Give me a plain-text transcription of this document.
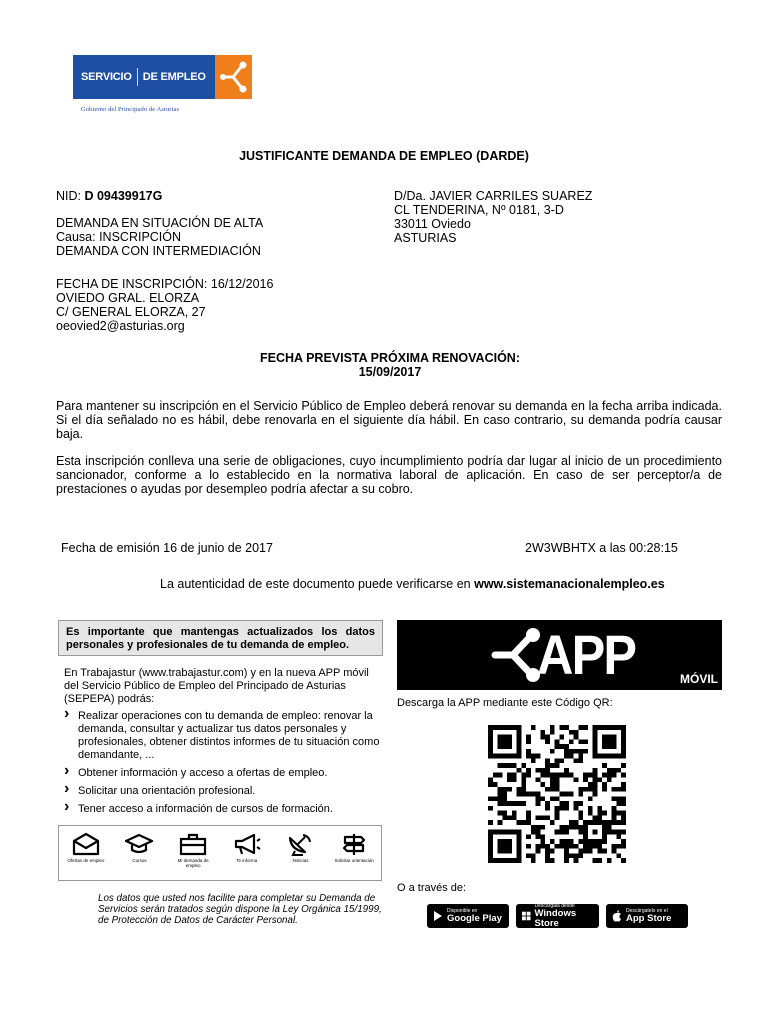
SERVICIO DE EMPLEO
Gobierno del Principado de Asturias
JUSTIFICANTE DEMANDA DE EMPLEO (DARDE)
NID: D 09439917G
DEMANDA EN SITUACIÓN DE ALTA
Causa: INSCRIPCIÓN
DEMANDA CON INTERMEDIACIÓN
D/Da. JAVIER CARRILES SUAREZ
CL TENDERINA, Nº 0181, 3-D
33011 Oviedo
ASTURIAS
FECHA DE INSCRIPCIÓN: 16/12/2016
OVIEDO GRAL. ELORZA
C/ GENERAL ELORZA, 27
oeovied2@asturias.org
FECHA PREVISTA PRÓXIMA RENOVACIÓN:
15/09/2017
Para mantener su inscripción en el Servicio Público de Empleo deberá renovar su demanda en la fecha arriba indicada. Si el día señalado no es hábil, debe renovarla en el siguiente día hábil. En caso contrario, su demanda podría causar baja.
Esta inscripción conlleva una serie de obligaciones, cuyo incumplimiento podría dar lugar al inicio de un procedimiento sancionador, conforme a lo establecido en la normativa laboral de aplicación. En caso de ser perceptor/a de prestaciones o ayudas por desempleo podría afectar a su cobro.
Fecha de emisión 16 de junio de 2017	2W3WBHTX a las 00:28:15
La autenticidad de este documento puede verificarse en www.sistemanacionalempleo.es
Es importante que mantengas actualizados los datos personales y profesionales de tu demanda de empleo.
En Trabajastur (www.trabajastur.com) y en la nueva APP móvil del Servicio Público de Empleo del Principado de Asturias (SEPEPA) podrás:
› Realizar operaciones con tu demanda de empleo: renovar la demanda, consultar y actualizar tus datos personales y profesionales, obtener distintos informes de tu situación como demandante, ...
› Obtener información y acceso a ofertas de empleo.
› Solicitar una orientación profesional.
› Tener acceso a información de cursos de formación.
Ofertas de empleo	Cursos	Mi demanda de empleo
Te informa	Noticias	Solicitar orientación
Los datos que usted nos facilite para completar su Demanda de Servicios serán tratados según dispone la Ley Orgánica 15/1999, de Protección de Datos de Carácter Personal.
APP	MÓVIL
Descarga la APP mediante este Código QR:
O a través de:
Disponible en
Google Play
Descárgala desde
Windows Store
Descárgatelo en el
App Store
